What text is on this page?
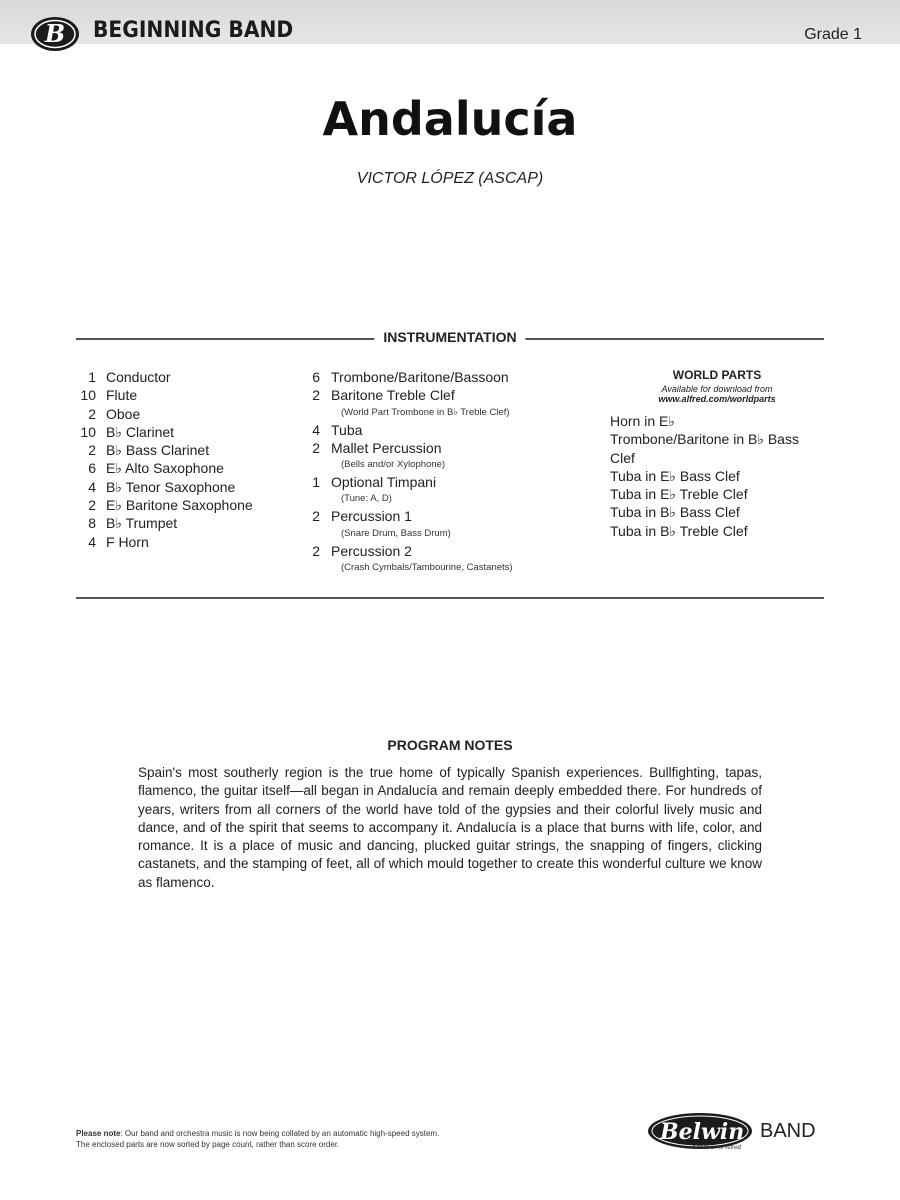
B BEGINNING BAND	Grade 1
Andalucía
VICTOR LÓPEZ (ASCAP)
INSTRUMENTATION
1 Conductor
10 Flute
2 Oboe
10 B♭ Clarinet
2 B♭ Bass Clarinet
6 E♭ Alto Saxophone
4 B♭ Tenor Saxophone
2 E♭ Baritone Saxophone
8 B♭ Trumpet
4 F Horn
6 Trombone/Baritone/Bassoon
2 Baritone Treble Clef
(World Part Trombone in B♭ Treble Clef)
4 Tuba
2 Mallet Percussion
(Bells and/or Xylophone)
1 Optional Timpani
(Tune: A, D)
2 Percussion 1
(Snare Drum, Bass Drum)
2 Percussion 2
(Crash Cymbals/Tambourine, Castanets)
WORLD PARTS
Available for download from
www.alfred.com/worldparts
Horn in E♭
Trombone/Baritone in B♭ Bass Clef
Tuba in E♭ Bass Clef
Tuba in E♭ Treble Clef
Tuba in B♭ Bass Clef
Tuba in B♭ Treble Clef
PROGRAM NOTES
Spain's most southerly region is the true home of typically Spanish experiences. Bullfighting, tapas, flamenco, the guitar itself—all began in Andalucía and remain deeply embedded there. For hundreds of years, writers from all corners of the world have told of the gypsies and their colorful lively music and dance, and of the spirit that seems to accompany it. Andalucía is a place that burns with life, color, and romance. It is a place of music and dancing, plucked guitar strings, the snapping of fingers, clicking castanets, and the stamping of feet, all of which mould together to create this wonderful culture we know as flamenco.
Please note: Our band and orchestra music is now being collated by an automatic high-speed system.
The enclosed parts are now sorted by page count, rather than score order.	Belwin BAND
a division of Alfred
